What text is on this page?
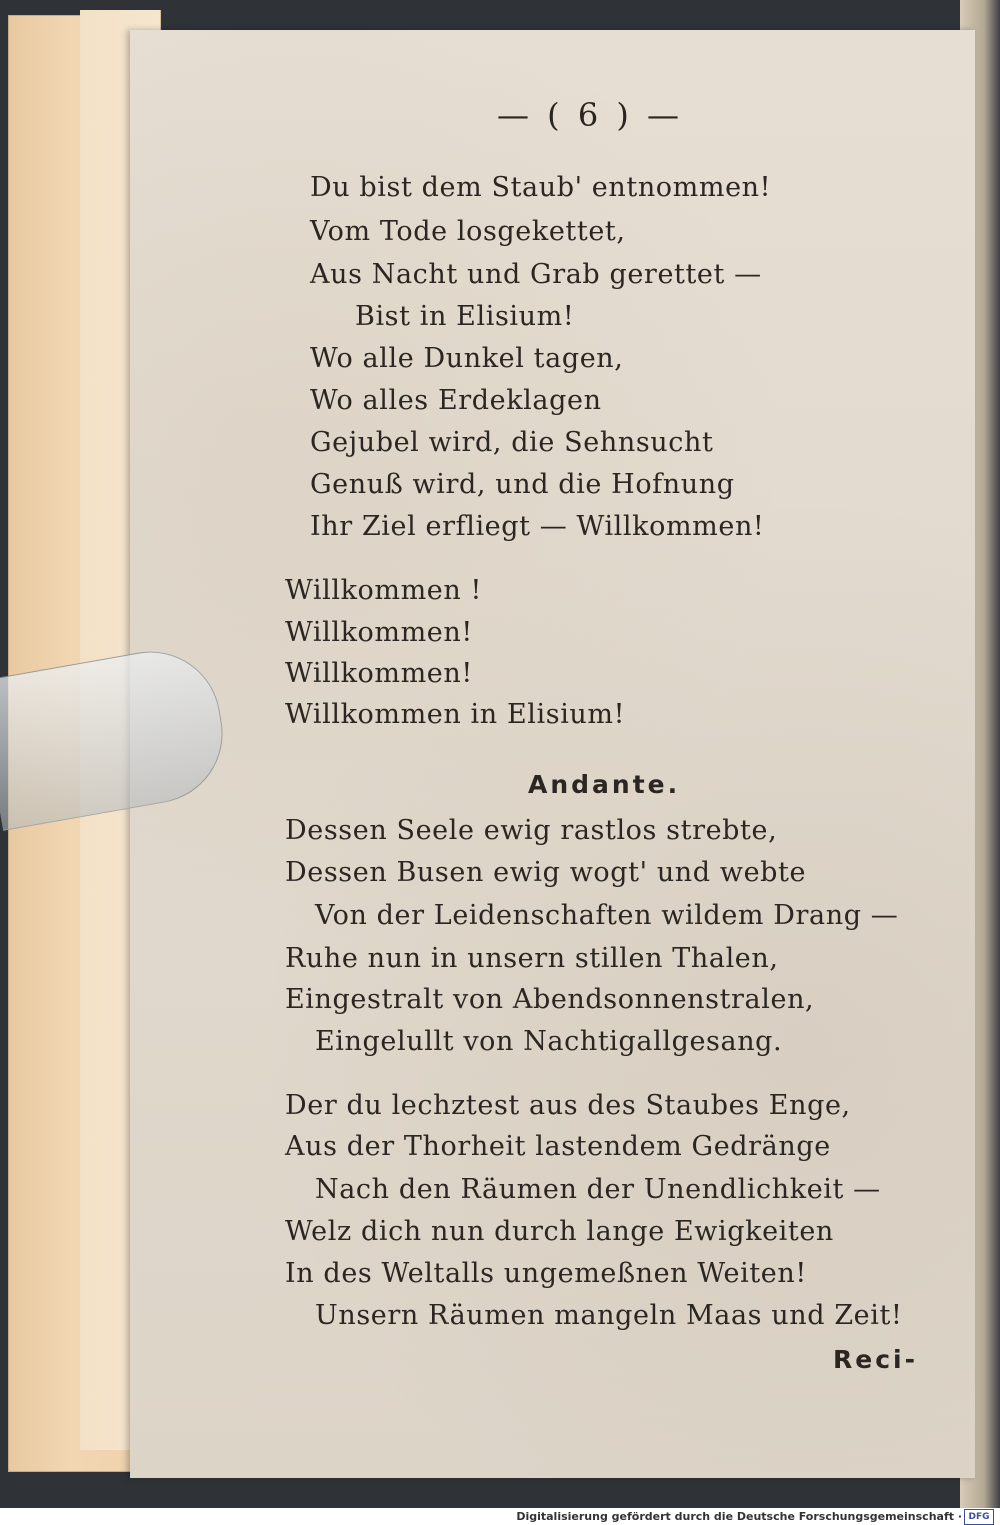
— ( 6 ) —
Du bist dem Staub' entnommen!
Vom Tode losgekettet,
Aus Nacht und Grab gerettet —
Bist in Elisium!
Wo alle Dunkel tagen,
Wo alles Erdeklagen
Gejubel wird, die Sehnsucht
Genuß wird, und die Hofnung
Ihr Ziel erfliegt — Willkommen!
Willkommen !
Willkommen!
Willkommen!
Willkommen in Elisium!
Andante.
Dessen Seele ewig rastlos strebte,
Dessen Busen ewig wogt' und webte
Von der Leidenschaften wildem Drang —
Ruhe nun in unsern stillen Thalen,
Eingestralt von Abendsonnenstralen,
Eingelullt von Nachtigallgesang.
Der du lechztest aus des Staubes Enge,
Aus der Thorheit lastendem Gedränge
Nach den Räumen der Unendlichkeit —
Welz dich nun durch lange Ewigkeiten
In des Weltalls ungemeßnen Weiten!
Unsern Räumen mangeln Maas und Zeit!
Reci-
Digitalisierung gefördert durch die Deutsche Forschungsgemeinschaft · DFG
